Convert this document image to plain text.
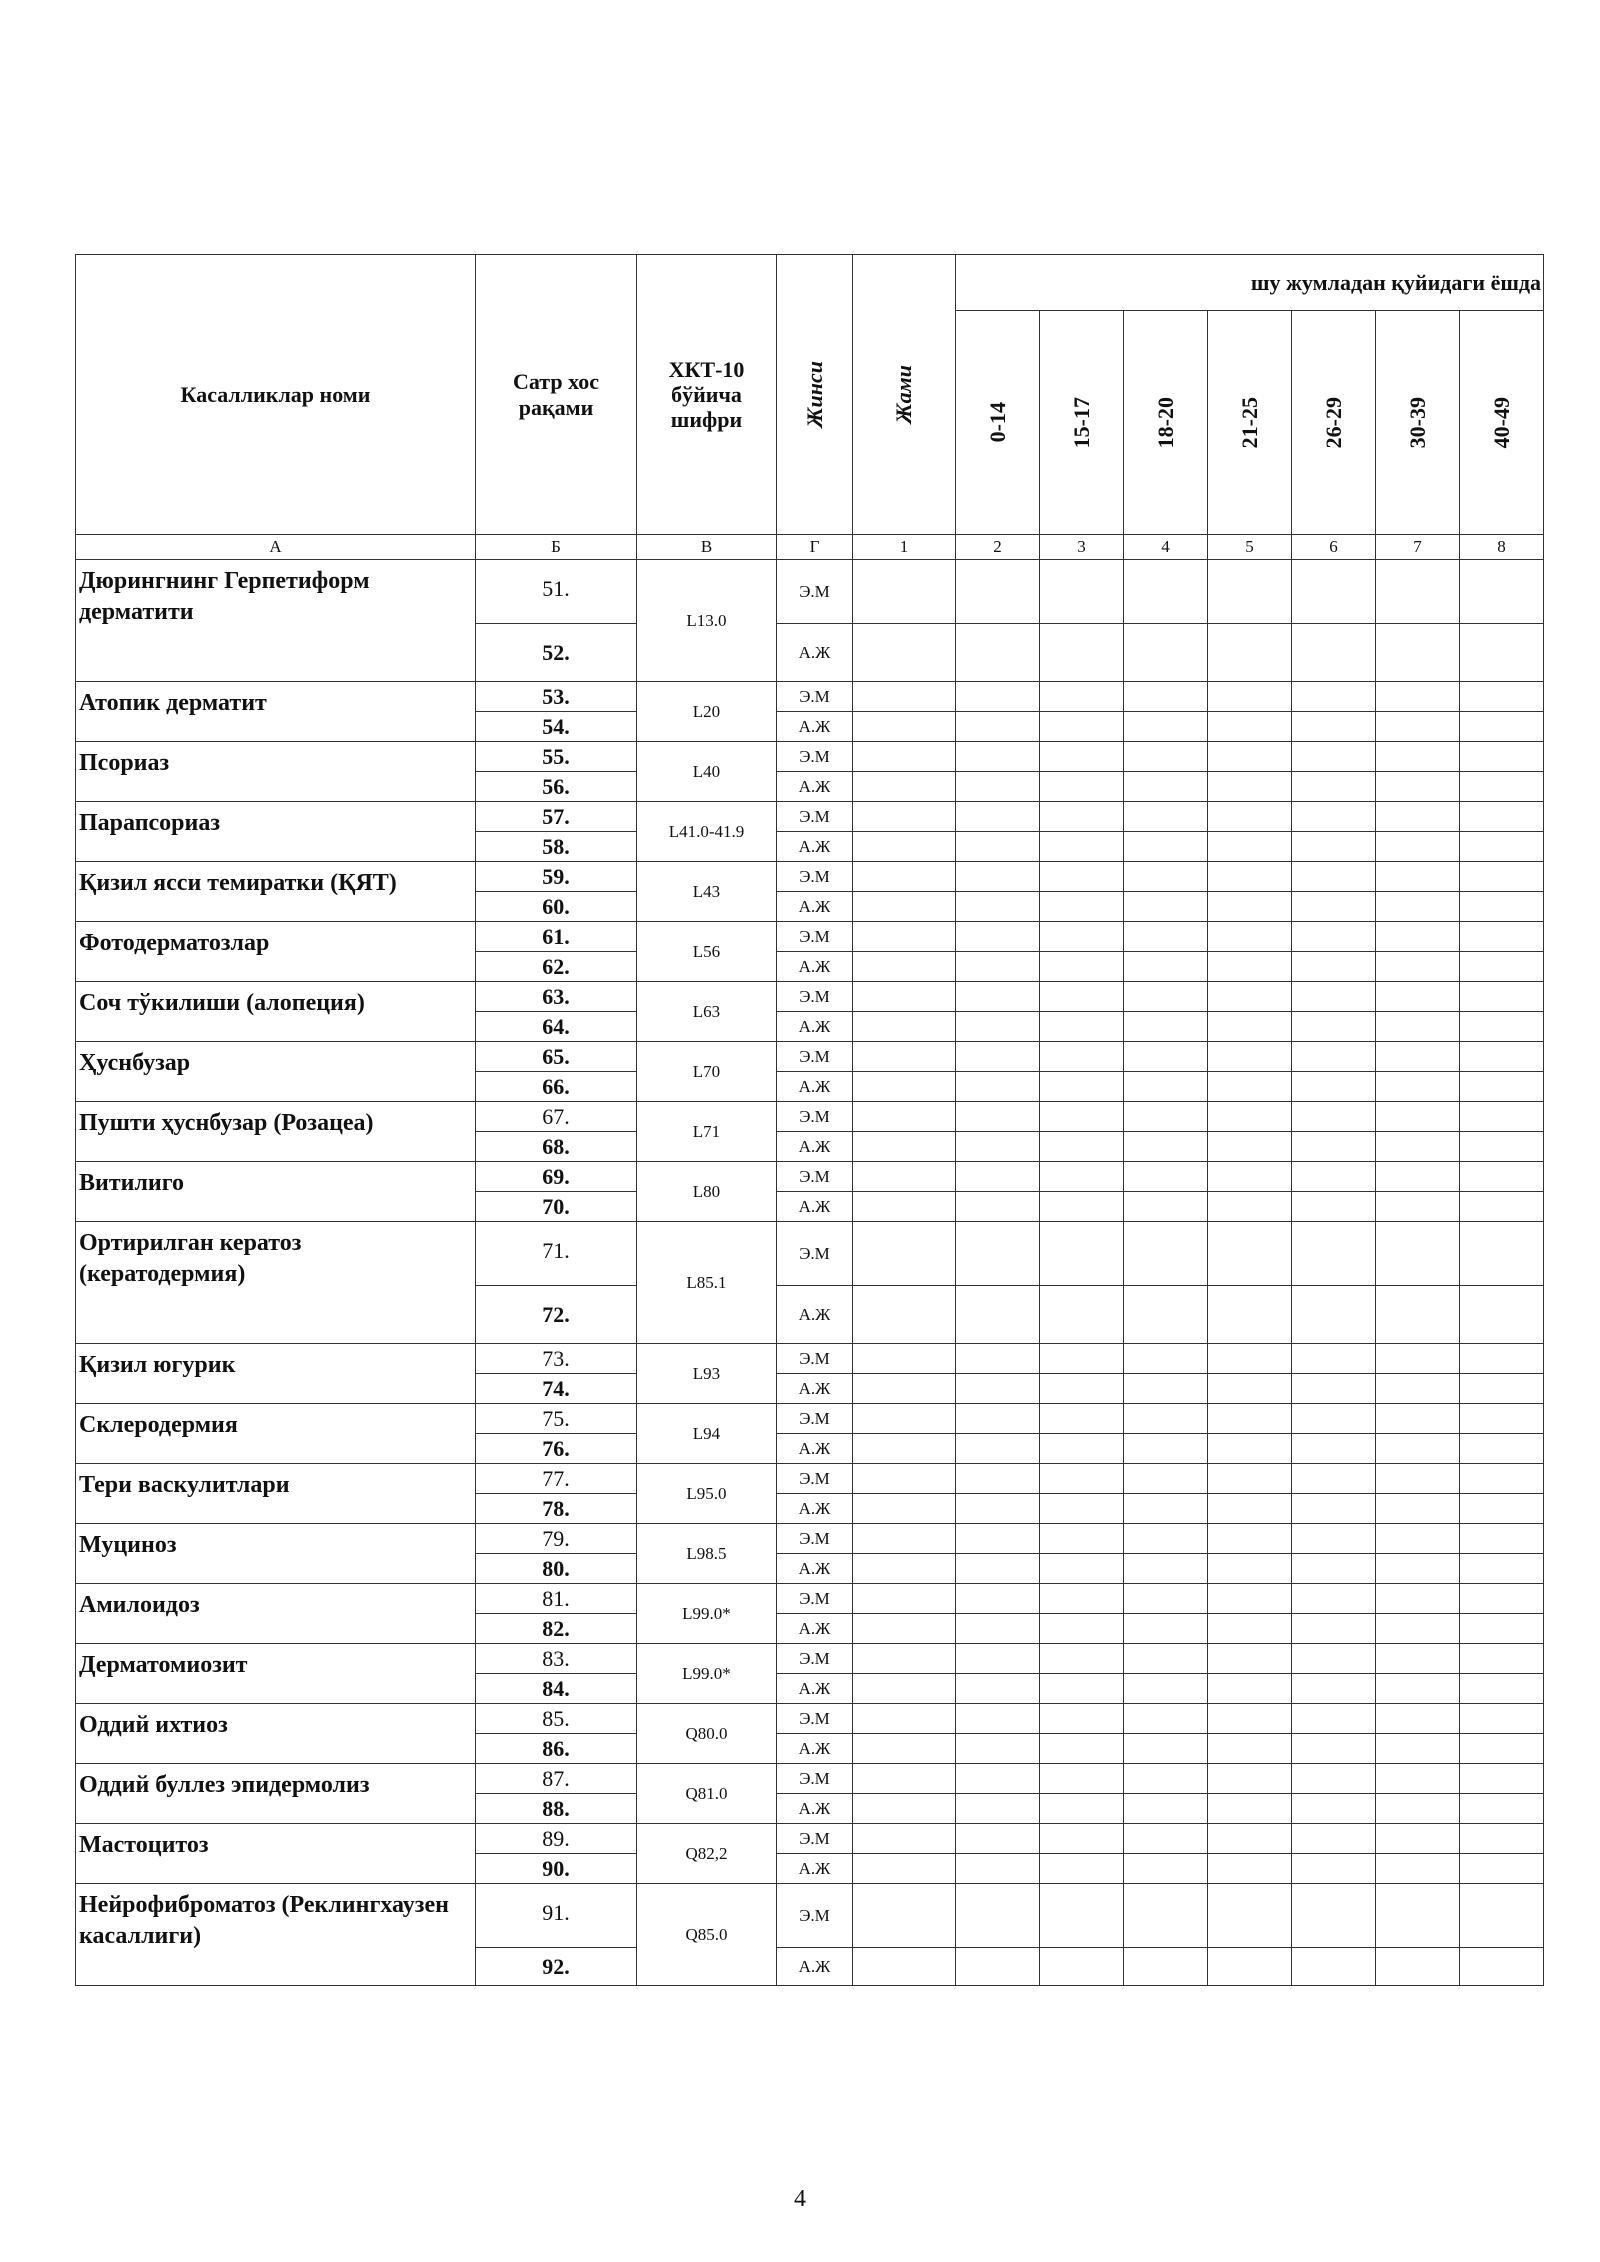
Касалликлар номи	Сатр хос рақами	ХКТ-10 бўйича шифри	Жинси	Жами	шу жумладан қуйидаги ёшда						

					0-14	15-17	18-20	21-25	26-29	30-39	40-49

А	Б	В	Г	1	2	3	4	5	6	7	8
Дюрингнинг Герпетиформ дерматити	51.	L13.0	Э.М								
	52.		А.Ж								
Атопик дерматит	53.	L20	Э.М								
	54.		А.Ж								
Псориаз	55.	L40	Э.М								
	56.		А.Ж								
Парапсориаз	57.	L41.0-41.9	Э.М								
	58.		А.Ж								
Қизил ясси темиратки (ҚЯТ)	59.	L43	Э.М								
	60.		А.Ж								
Фотодерматозлар	61.	L56	Э.М								
	62.		А.Ж								
Соч тўкилиши (алопеция)	63.	L63	Э.М								
	64.		А.Ж								
Ҳуснбузар	65.	L70	Э.М								
	66.		А.Ж								
Пушти ҳуснбузар (Розацеа)	67.	L71	Э.М								
	68.		А.Ж								
Витилиго	69.	L80	Э.М								
	70.		А.Ж								
Ортирилган кератоз (кератодермия)	71.	L85.1	Э.М								
	72.		А.Ж								
Қизил югурик	73.	L93	Э.М								
	74.		А.Ж								
Склеродермия	75.	L94	Э.М								
	76.		А.Ж								
Тери васкулитлари	77.	L95.0	Э.М								
	78.		А.Ж								
Муциноз	79.	L98.5	Э.М								
	80.		А.Ж								
Амилоидоз	81.	L99.0*	Э.М								
	82.		А.Ж								
Дерматомиозит	83.	L99.0*	Э.М								
	84.		А.Ж								
Оддий ихтиоз	85.	Q80.0	Э.М								
	86.		А.Ж								
Оддий буллез эпидермолиз	87.	Q81.0	Э.М								
	88.		А.Ж								
Мастоцитоз	89.	Q82,2	Э.М								
	90.		А.Ж								
Нейрофиброматоз (Реклингхаузен касаллиги)	91.	Q85.0	Э.М								
	92.		А.Ж								
4
